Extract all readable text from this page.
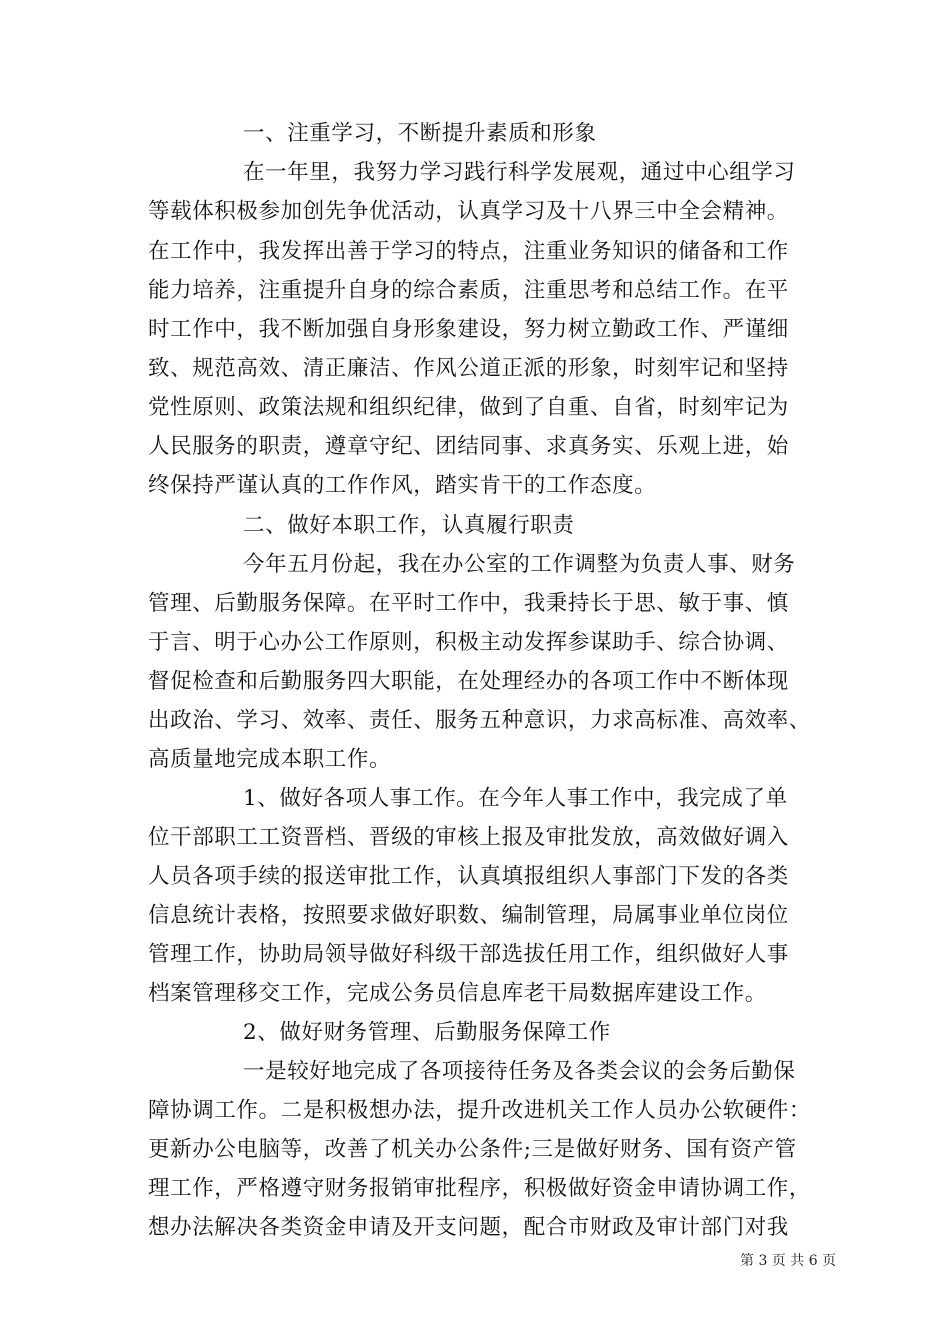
一、注重学习，不断提升素质和形象
在一年里，我努力学习践行科学发展观，通过中心组学习
等载体积极参加创先争优活动，认真学习及十八界三中全会精神。
在工作中，我发挥出善于学习的特点，注重业务知识的储备和工作
能力培养，注重提升自身的综合素质，注重思考和总结工作。在平
时工作中，我不断加强自身形象建设，努力树立勤政工作、严谨细
致、规范高效、清正廉洁、作风公道正派的形象，时刻牢记和坚持
党性原则、政策法规和组织纪律，做到了自重、自省，时刻牢记为
人民服务的职责，遵章守纪、团结同事、求真务实、乐观上进，始
终保持严谨认真的工作作风，踏实肯干的工作态度。
二、做好本职工作，认真履行职责
今年五月份起，我在办公室的工作调整为负责人事、财务
管理、后勤服务保障。在平时工作中，我秉持长于思、敏于事、慎
于言、明于心办公工作原则，积极主动发挥参谋助手、综合协调、
督促检查和后勤服务四大职能，在处理经办的各项工作中不断体现
出政治、学习、效率、责任、服务五种意识，力求高标准、高效率、
高质量地完成本职工作。
1、做好各项人事工作。在今年人事工作中，我完成了单
位干部职工工资晋档、晋级的审核上报及审批发放，高效做好调入
人员各项手续的报送审批工作，认真填报组织人事部门下发的各类
信息统计表格，按照要求做好职数、编制管理，局属事业单位岗位
管理工作，协助局领导做好科级干部选拔任用工作，组织做好人事
档案管理移交工作，完成公务员信息库老干局数据库建设工作。
2、做好财务管理、后勤服务保障工作
一是较好地完成了各项接待任务及各类会议的会务后勤保
障协调工作。二是积极想办法，提升改进机关工作人员办公软硬件：
更新办公电脑等，改善了机关办公条件;三是做好财务、国有资产管
理工作，严格遵守财务报销审批程序，积极做好资金申请协调工作，
想办法解决各类资金申请及开支问题，配合市财政及审计部门对我
第 3 页 共 6 页
